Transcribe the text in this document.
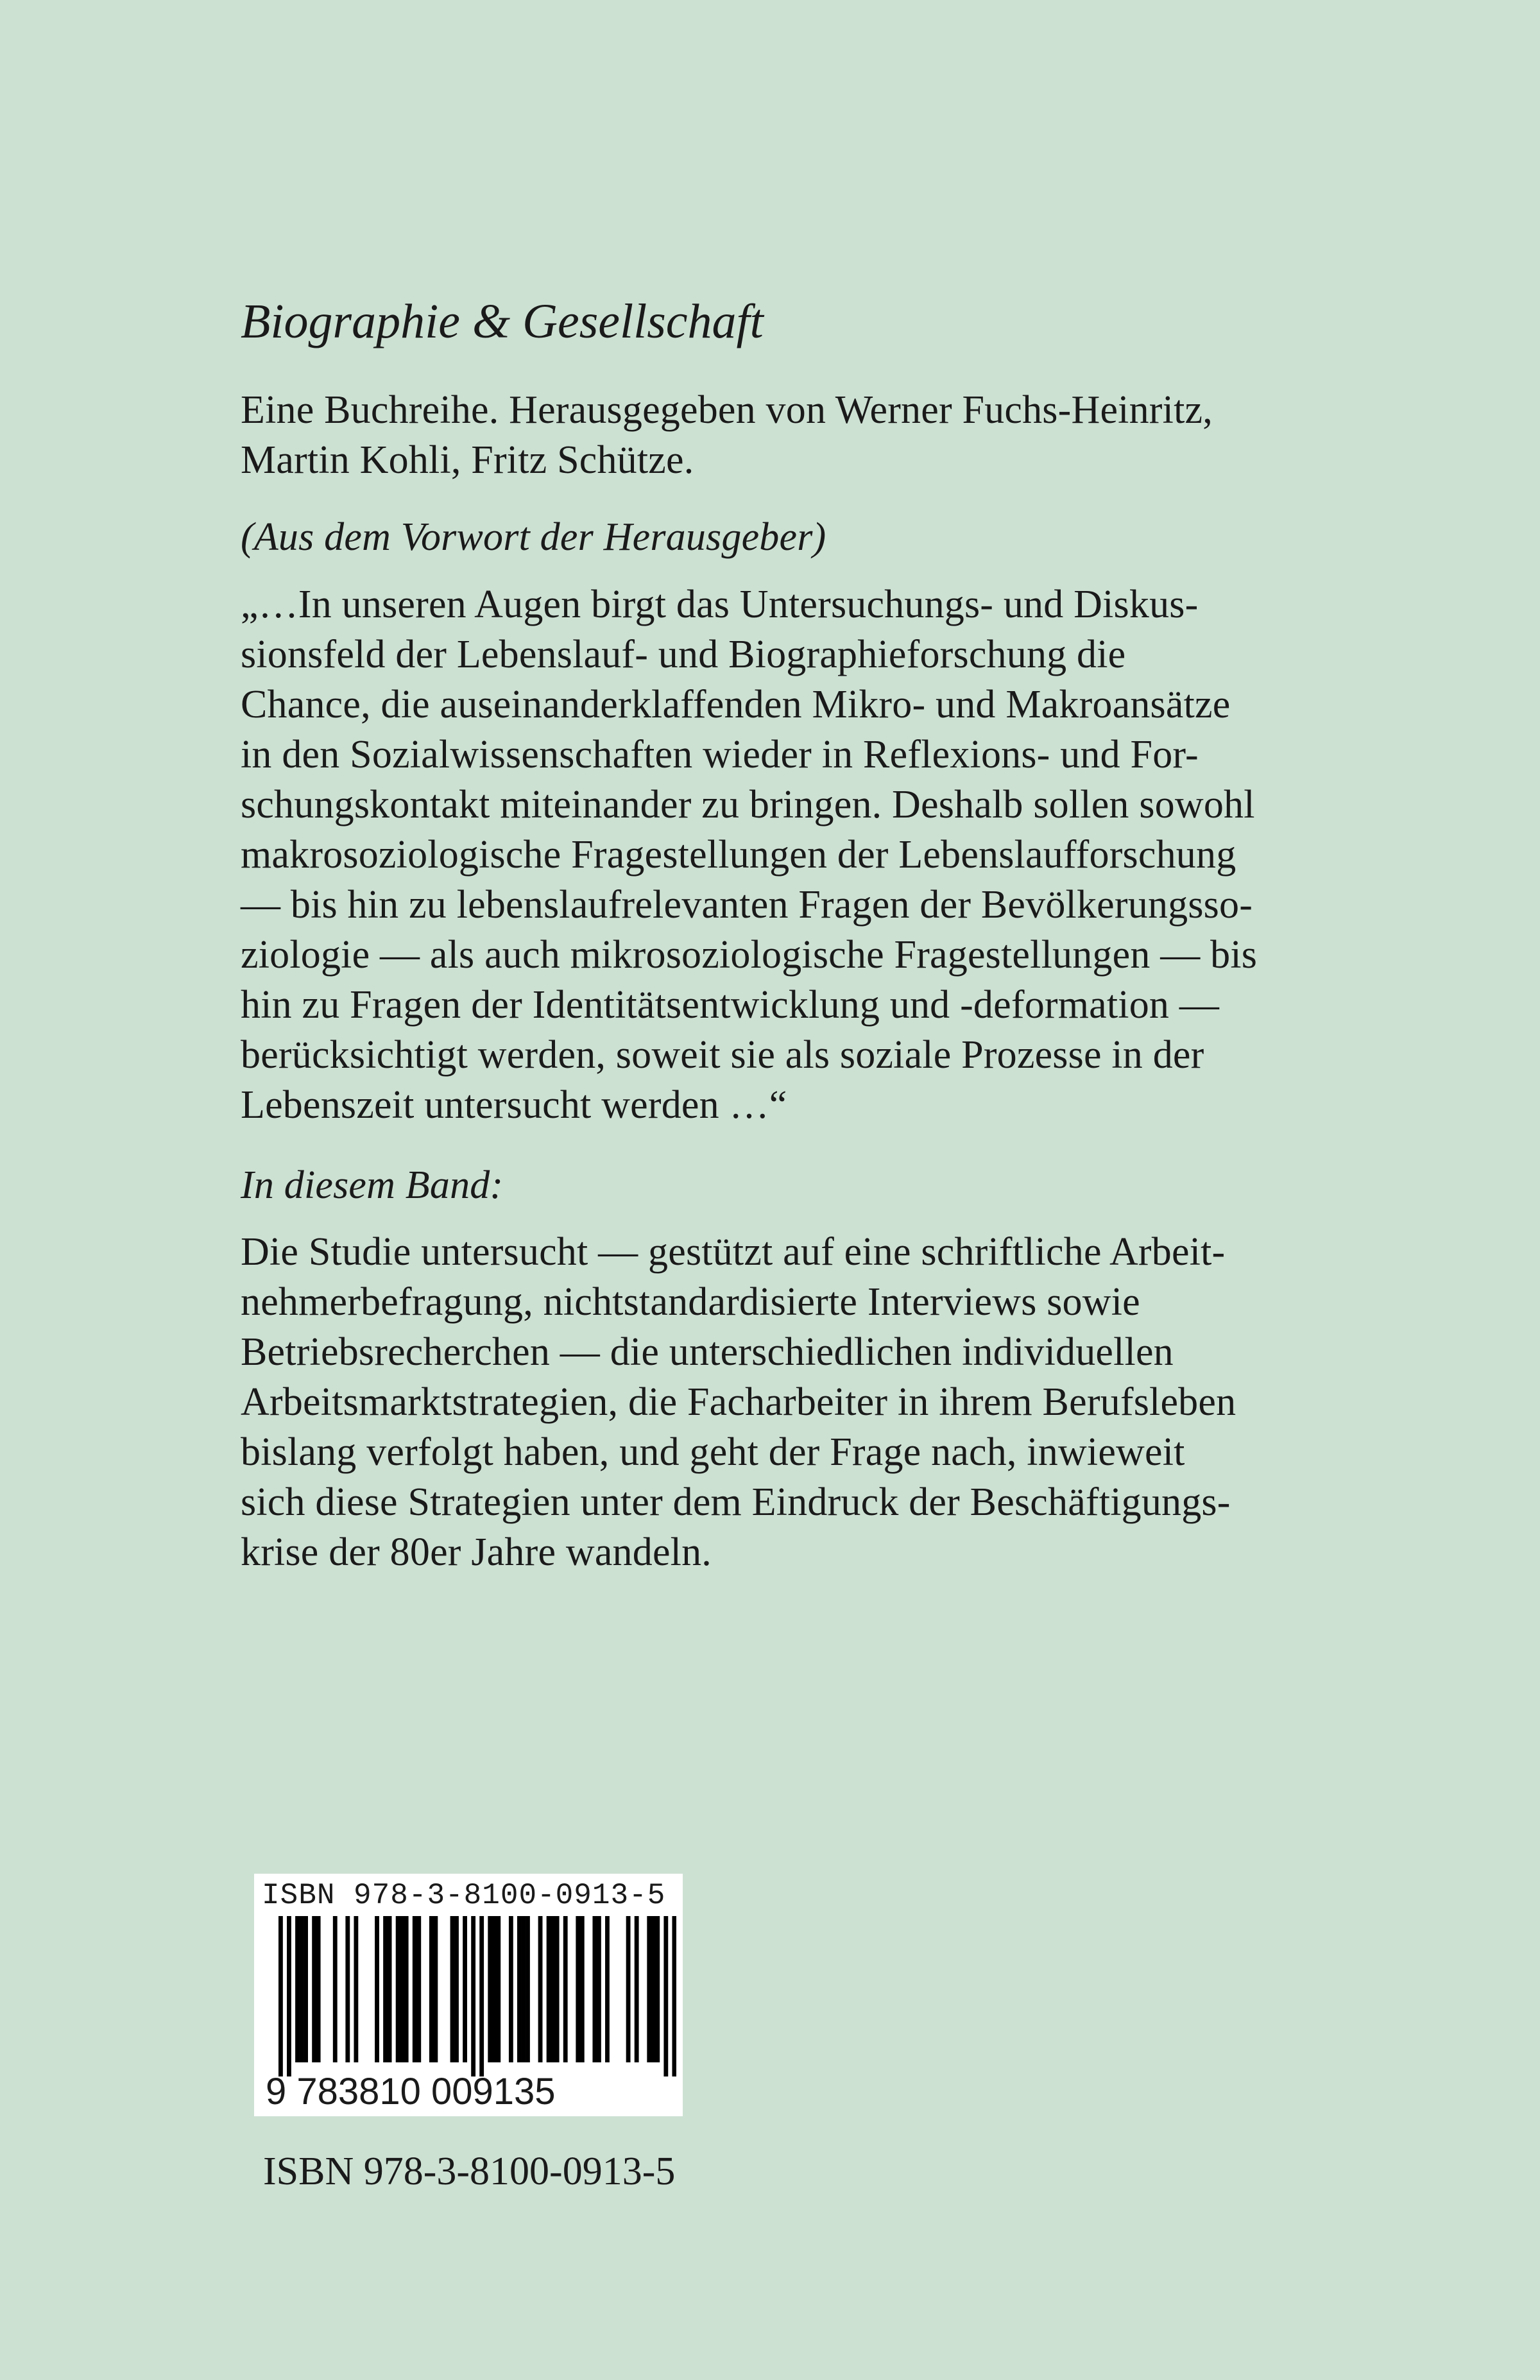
Biographie & Gesellschaft
Eine Buchreihe. Herausgegeben von Werner Fuchs-Heinritz,
Martin Kohli, Fritz Schütze.
(Aus dem Vorwort der Herausgeber)
„…In unseren Augen birgt das Untersuchungs- und Diskus-
sionsfeld der Lebenslauf- und Biographieforschung die
Chance, die auseinanderklaffenden Mikro- und Makroansätze
in den Sozialwissenschaften wieder in Reflexions- und For-
schungskontakt miteinander zu bringen. Deshalb sollen sowohl
makrosoziologische Fragestellungen der Lebenslaufforschung
— bis hin zu lebenslaufrelevanten Fragen der Bevölkerungsso-
ziologie — als auch mikrosoziologische Fragestellungen — bis
hin zu Fragen der Identitätsentwicklung und -deformation —
berücksichtigt werden, soweit sie als soziale Prozesse in der
Lebenszeit untersucht werden …“
In diesem Band:
Die Studie untersucht — gestützt auf eine schriftliche Arbeit-
nehmerbefragung, nichtstandardisierte Interviews sowie
Betriebsrecherchen — die unterschiedlichen individuellen
Arbeitsmarktstrategien, die Facharbeiter in ihrem Berufsleben
bislang verfolgt haben, und geht der Frage nach, inwieweit
sich diese Strategien unter dem Eindruck der Beschäftigungs-
krise der 80er Jahre wandeln.
ISBN 978-3-8100-0913-5
9 783810 009135
ISBN 978-3-8100-0913-5
